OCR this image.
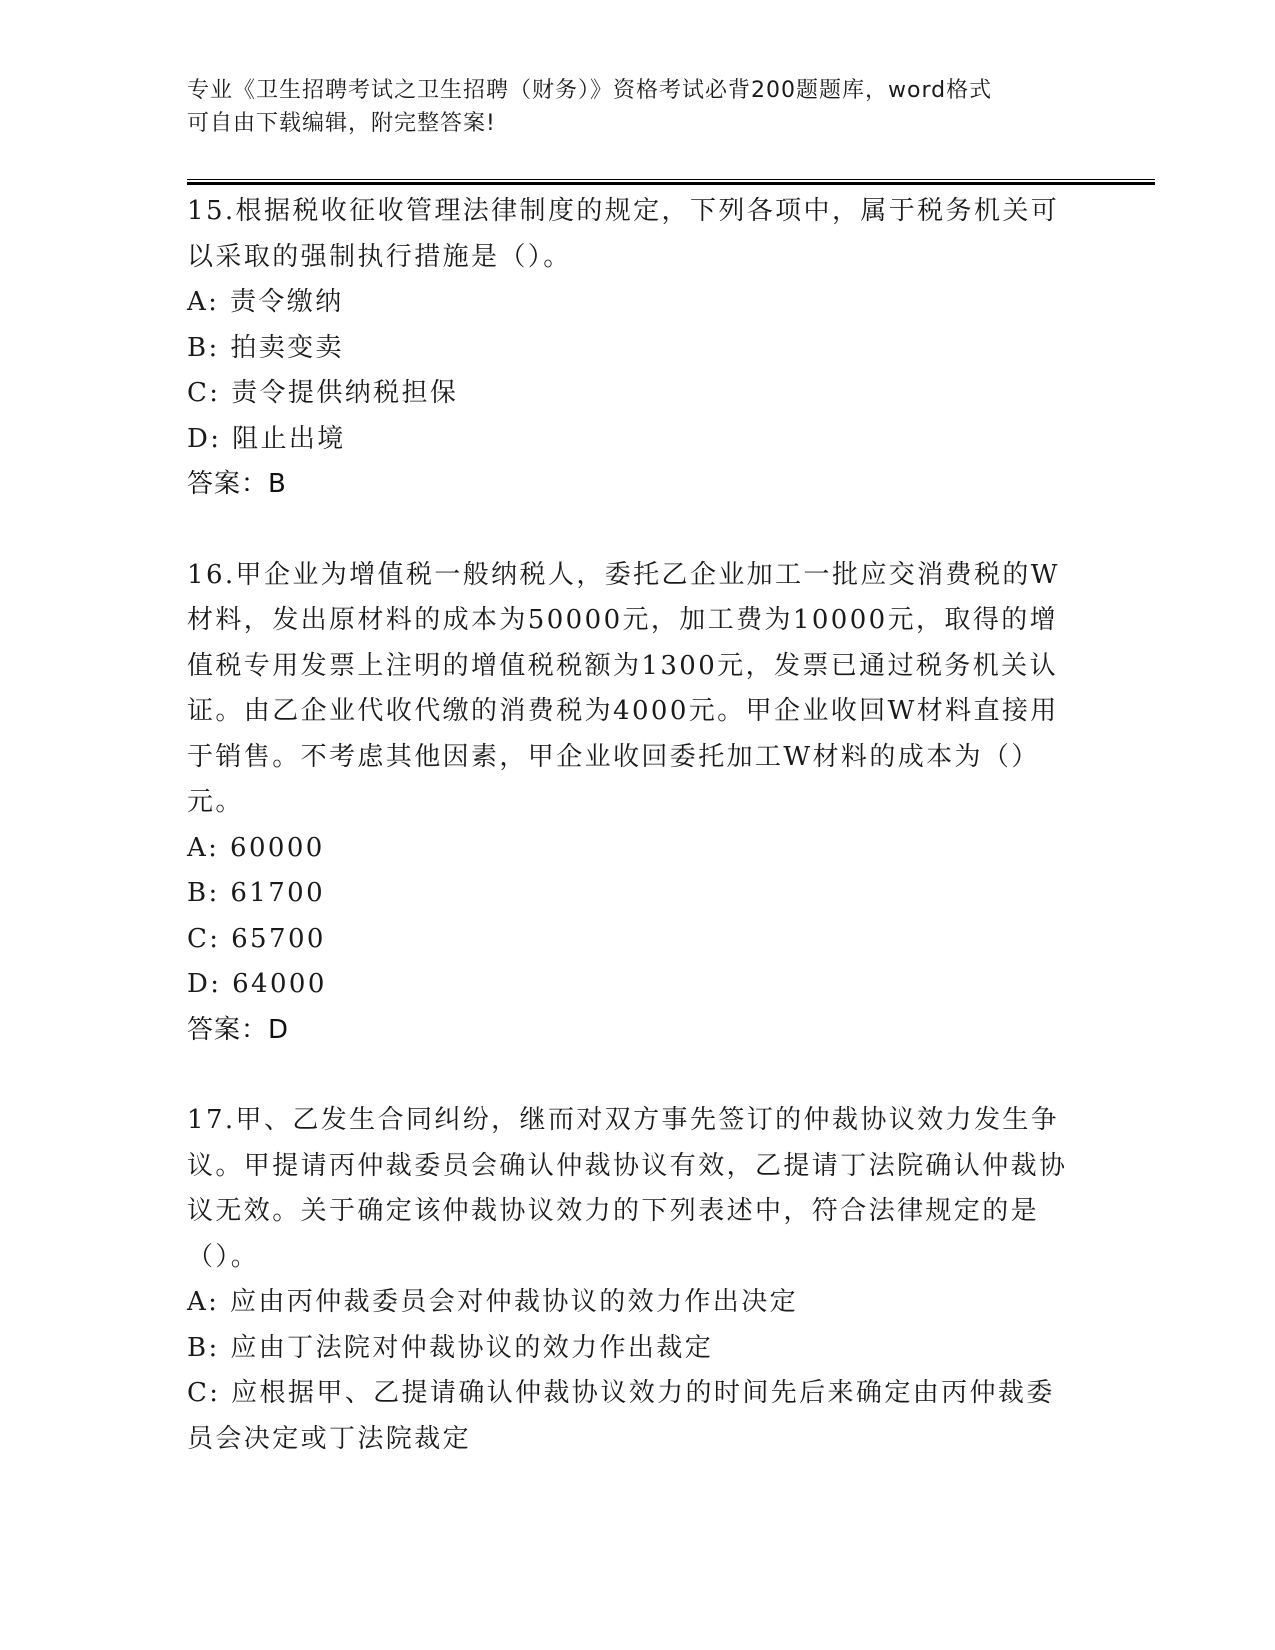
专业《卫生招聘考试之卫生招聘（财务）》资格考试必背200题题库，word格式
可自由下载编辑，附完整答案!

15.根据税收征收管理法律制度的规定，下列各项中，属于税务机关可以采取的强制执行措施是（）。

A: 责令缴纳

B: 拍卖变卖

C: 责令提供纳税担保

D: 阻止出境

答案：B

16.甲企业为增值税一般纳税人，委托乙企业加工一批应交消费税的W材料，发出原材料的成本为50000元，加工费为10000元，取得的增值税专用发票上注明的增值税税额为1300元，发票已通过税务机关认证。由乙企业代收代缴的消费税为4000元。甲企业收回W材料直接用于销售。不考虑其他因素，甲企业收回委托加工W材料的成本为（）元。

A: 60000

B: 61700

C: 65700

D: 64000

答案：D

17.甲、乙发生合同纠纷，继而对双方事先签订的仲裁协议效力发生争议。甲提请丙仲裁委员会确认仲裁协议有效，乙提请丁法院确认仲裁协议无效。关于确定该仲裁协议效力的下列表述中，符合法律规定的是（）。

A: 应由丙仲裁委员会对仲裁协议的效力作出决定

B: 应由丁法院对仲裁协议的效力作出裁定

C: 应根据甲、乙提请确认仲裁协议效力的时间先后来确定由丙仲裁委员会决定或丁法院裁定
